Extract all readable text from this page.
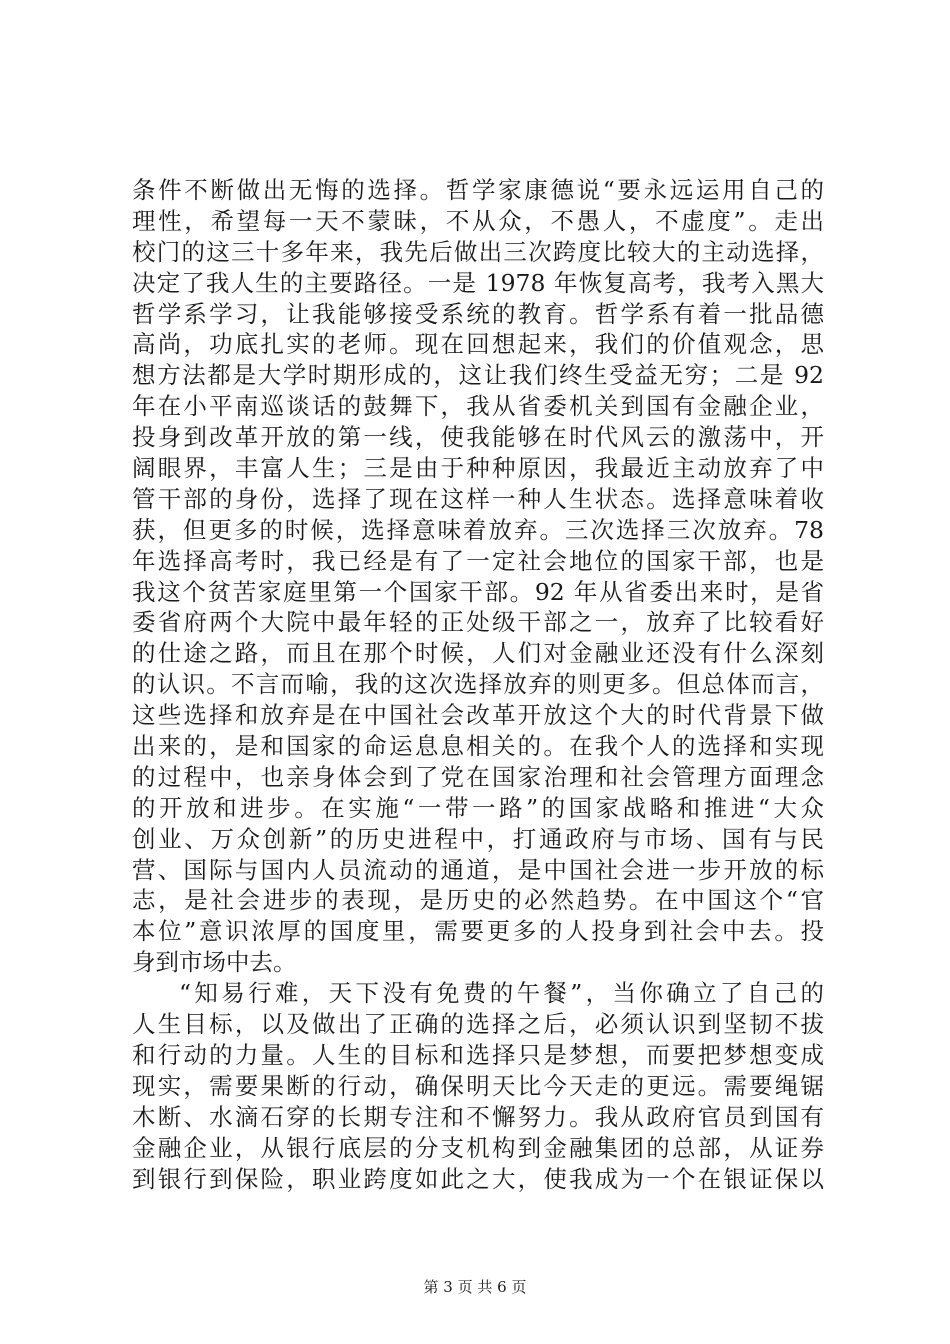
条件不断做出无悔的选择。哲学家康德说“要永远运用自己的
理性，希望每一天不蒙昧，不从众，不愚人，不虚度”。走出
校门的这三十多年来，我先后做出三次跨度比较大的主动选择，
决定了我人生的主要路径。一是 1978 年恢复高考，我考入黑大
哲学系学习，让我能够接受系统的教育。哲学系有着一批品德
高尚，功底扎实的老师。现在回想起来，我们的价值观念，思
想方法都是大学时期形成的，这让我们终生受益无穷；二是 92
年在小平南巡谈话的鼓舞下，我从省委机关到国有金融企业，
投身到改革开放的第一线，使我能够在时代风云的激荡中，开
阔眼界，丰富人生；三是由于种种原因，我最近主动放弃了中
管干部的身份，选择了现在这样一种人生状态。选择意味着收
获，但更多的时候，选择意味着放弃。三次选择三次放弃。78
年选择高考时，我已经是有了一定社会地位的国家干部，也是
我这个贫苦家庭里第一个国家干部。92 年从省委出来时，是省
委省府两个大院中最年轻的正处级干部之一，放弃了比较看好
的仕途之路，而且在那个时候，人们对金融业还没有什么深刻
的认识。不言而喻，我的这次选择放弃的则更多。但总体而言，
这些选择和放弃是在中国社会改革开放这个大的时代背景下做
出来的，是和国家的命运息息相关的。在我个人的选择和实现
的过程中，也亲身体会到了党在国家治理和社会管理方面理念
的开放和进步。在实施“一带一路”的国家战略和推进“大众
创业、万众创新”的历史进程中，打通政府与市场、国有与民
营、国际与国内人员流动的通道，是中国社会进一步开放的标
志，是社会进步的表现，是历史的必然趋势。在中国这个“官
本位”意识浓厚的国度里，需要更多的人投身到社会中去。投
身到市场中去。
“知易行难，天下没有免费的午餐”，当你确立了自己的
人生目标，以及做出了正确的选择之后，必须认识到坚韧不拔
和行动的力量。人生的目标和选择只是梦想，而要把梦想变成
现实，需要果断的行动，确保明天比今天走的更远。需要绳锯
木断、水滴石穿的长期专注和不懈努力。我从政府官员到国有
金融企业，从银行底层的分支机构到金融集团的总部，从证券
到银行到保险，职业跨度如此之大，使我成为一个在银证保以
第 3 页 共 6 页
